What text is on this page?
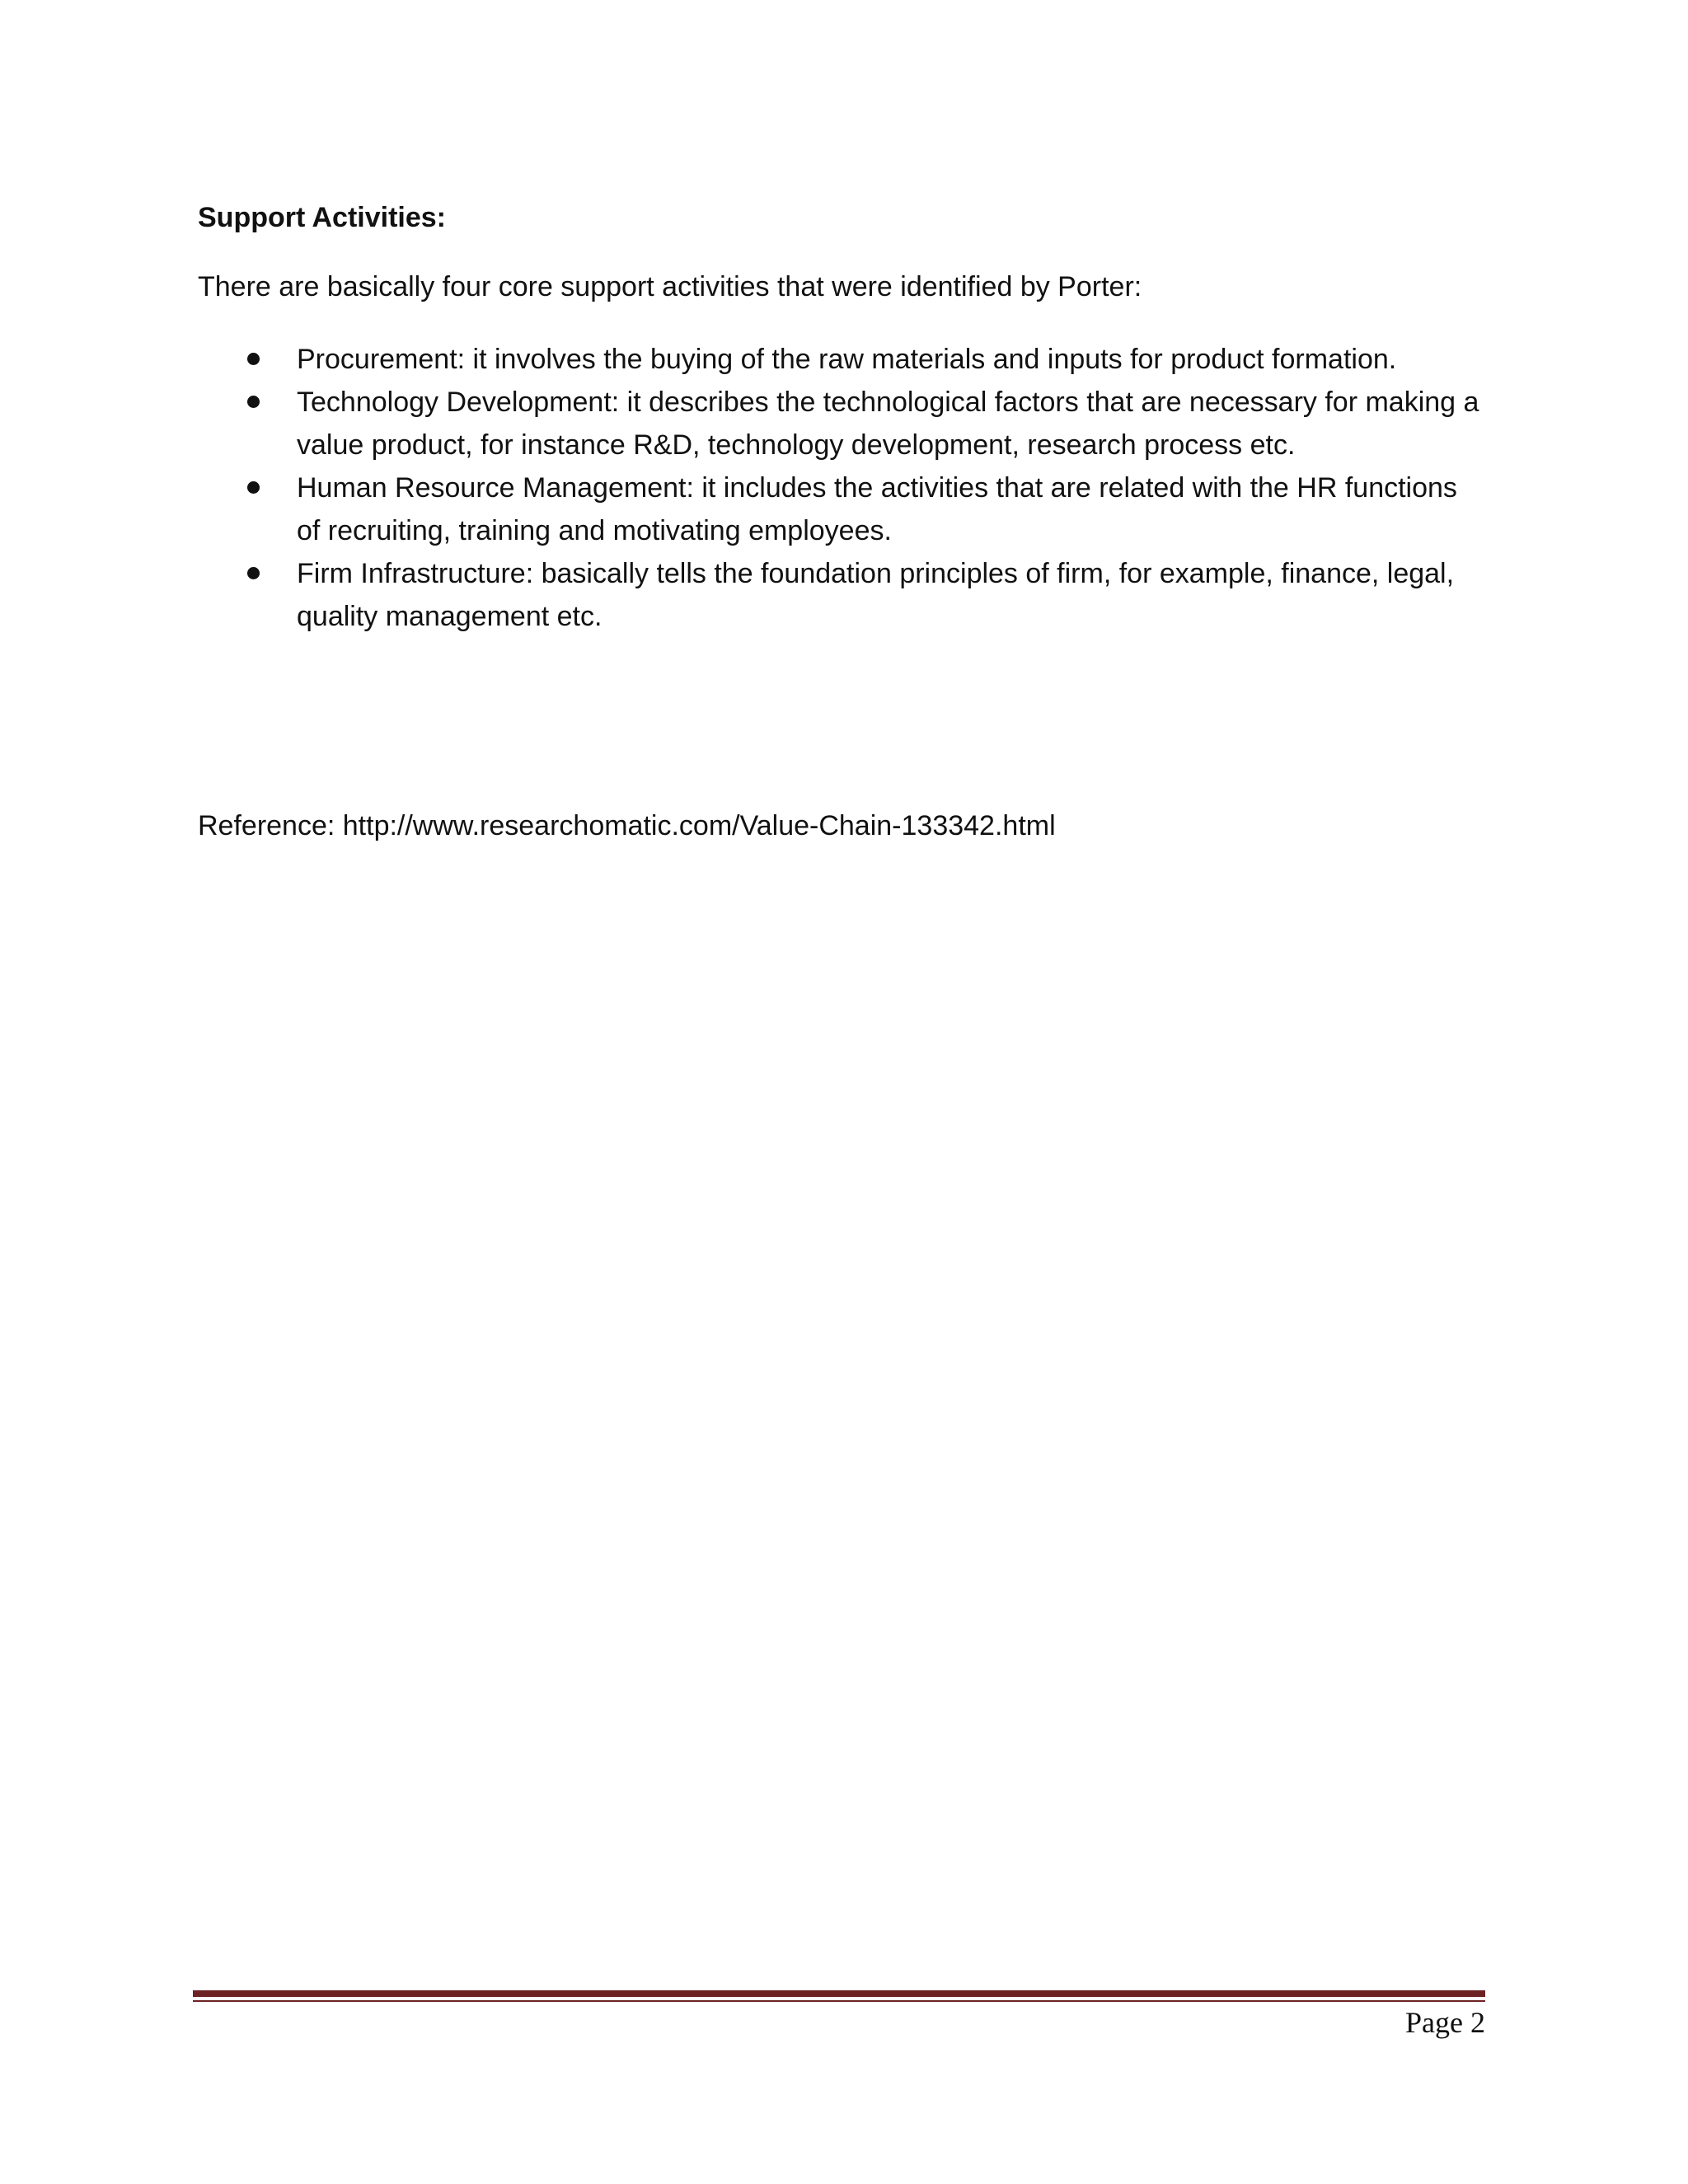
Support Activities:
There are basically four core support activities that were identified by Porter:
Procurement: it involves the buying of the raw materials and inputs for product formation.
Technology Development: it describes the technological factors that are necessary for making a value product, for instance R&D, technology development, research process etc.
Human Resource Management: it includes the activities that are related with the HR functions of recruiting, training and motivating employees.
Firm Infrastructure: basically tells the foundation principles of firm, for example, finance, legal, quality management etc.
Reference: http://www.researchomatic.com/Value-Chain-133342.html
Page 2
